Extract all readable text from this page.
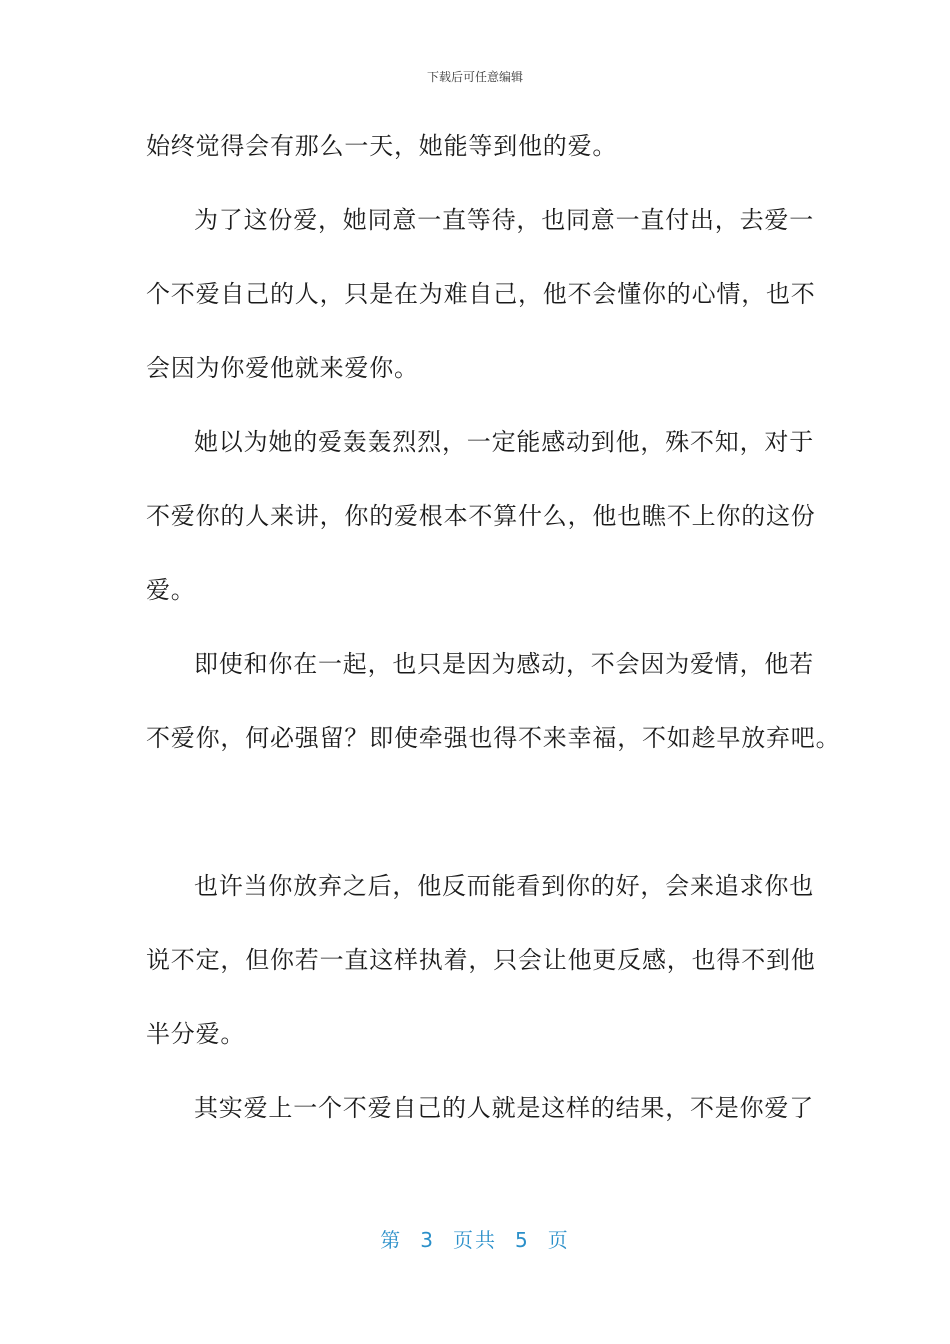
下载后可任意编辑
始终觉得会有那么一天，她能等到他的爱。
为了这份爱，她同意一直等待，也同意一直付出，去爱一
个不爱自己的人，只是在为难自己，他不会懂你的心情，也不
会因为你爱他就来爱你。
她以为她的爱轰轰烈烈，一定能感动到他，殊不知，对于
不爱你的人来讲，你的爱根本不算什么，他也瞧不上你的这份
爱。
即使和你在一起，也只是因为感动，不会因为爱情，他若
不爱你，何必强留？即使牵强也得不来幸福，不如趁早放弃吧。
也许当你放弃之后，他反而能看到你的好，会来追求你也
说不定，但你若一直这样执着，只会让他更反感，也得不到他
半分爱。
其实爱上一个不爱自己的人就是这样的结果，不是你爱了
第 3 页共 5 页
